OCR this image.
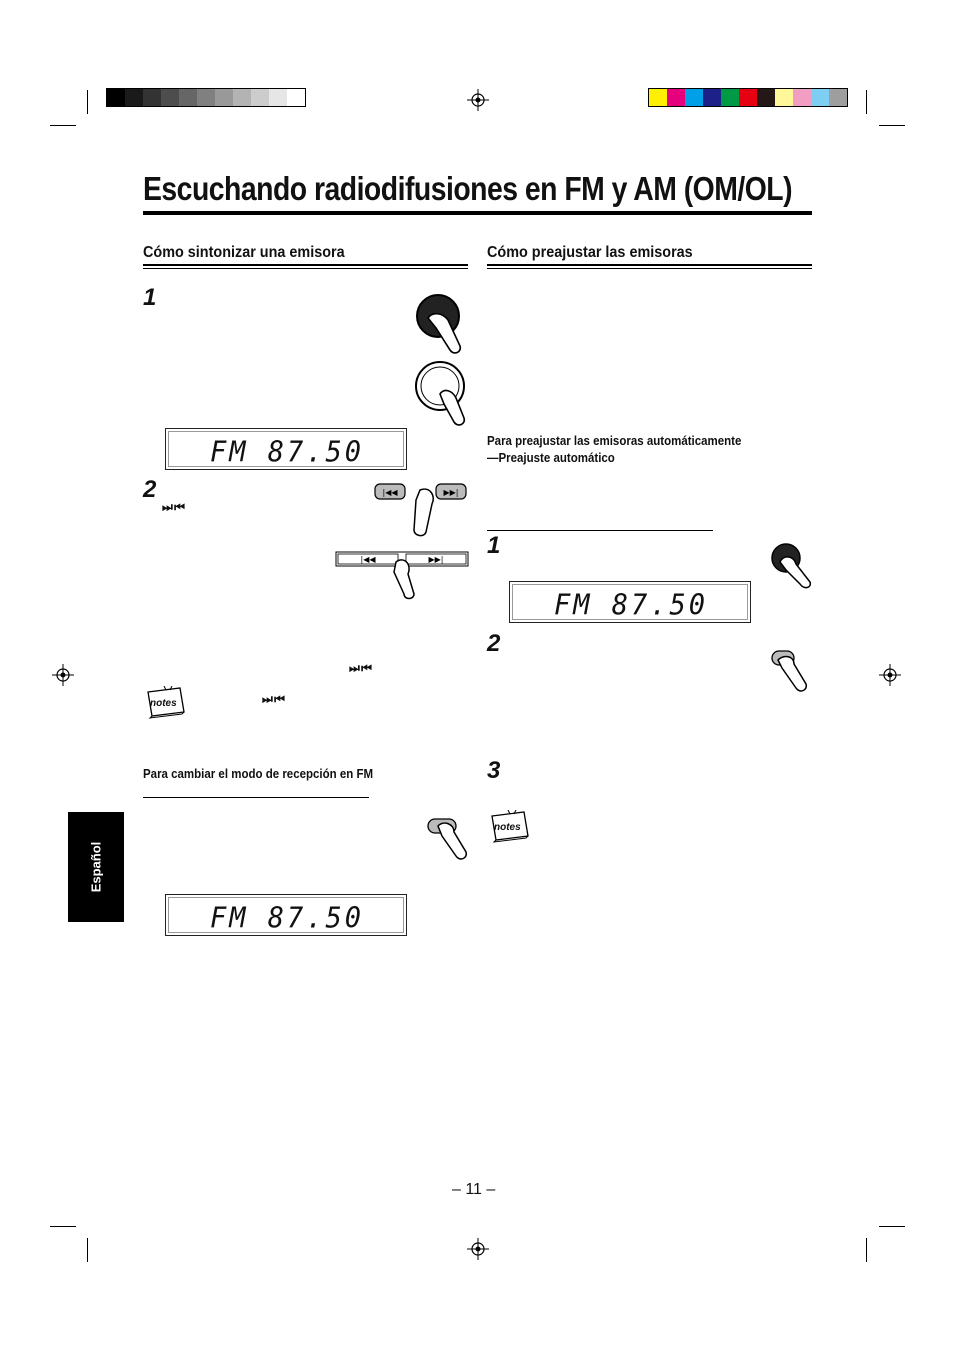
Escuchando radiodifusiones en FM y AM (OM/OL)
Cómo sintonizar una emisora
1
FM 87.50
2
⏭ ⏮
|◀◀	▶▶|
|◀◀	▶▶|
⏭ ⏮
notes	⏭ ⏮
Para cambiar el modo de recepción en FM
FM 87.50
Español
Cómo preajustar las emisoras
Para preajustar las emisoras automáticamente
—Preajuste automático
1
FM 87.50
2
3
notes
– 11 –
